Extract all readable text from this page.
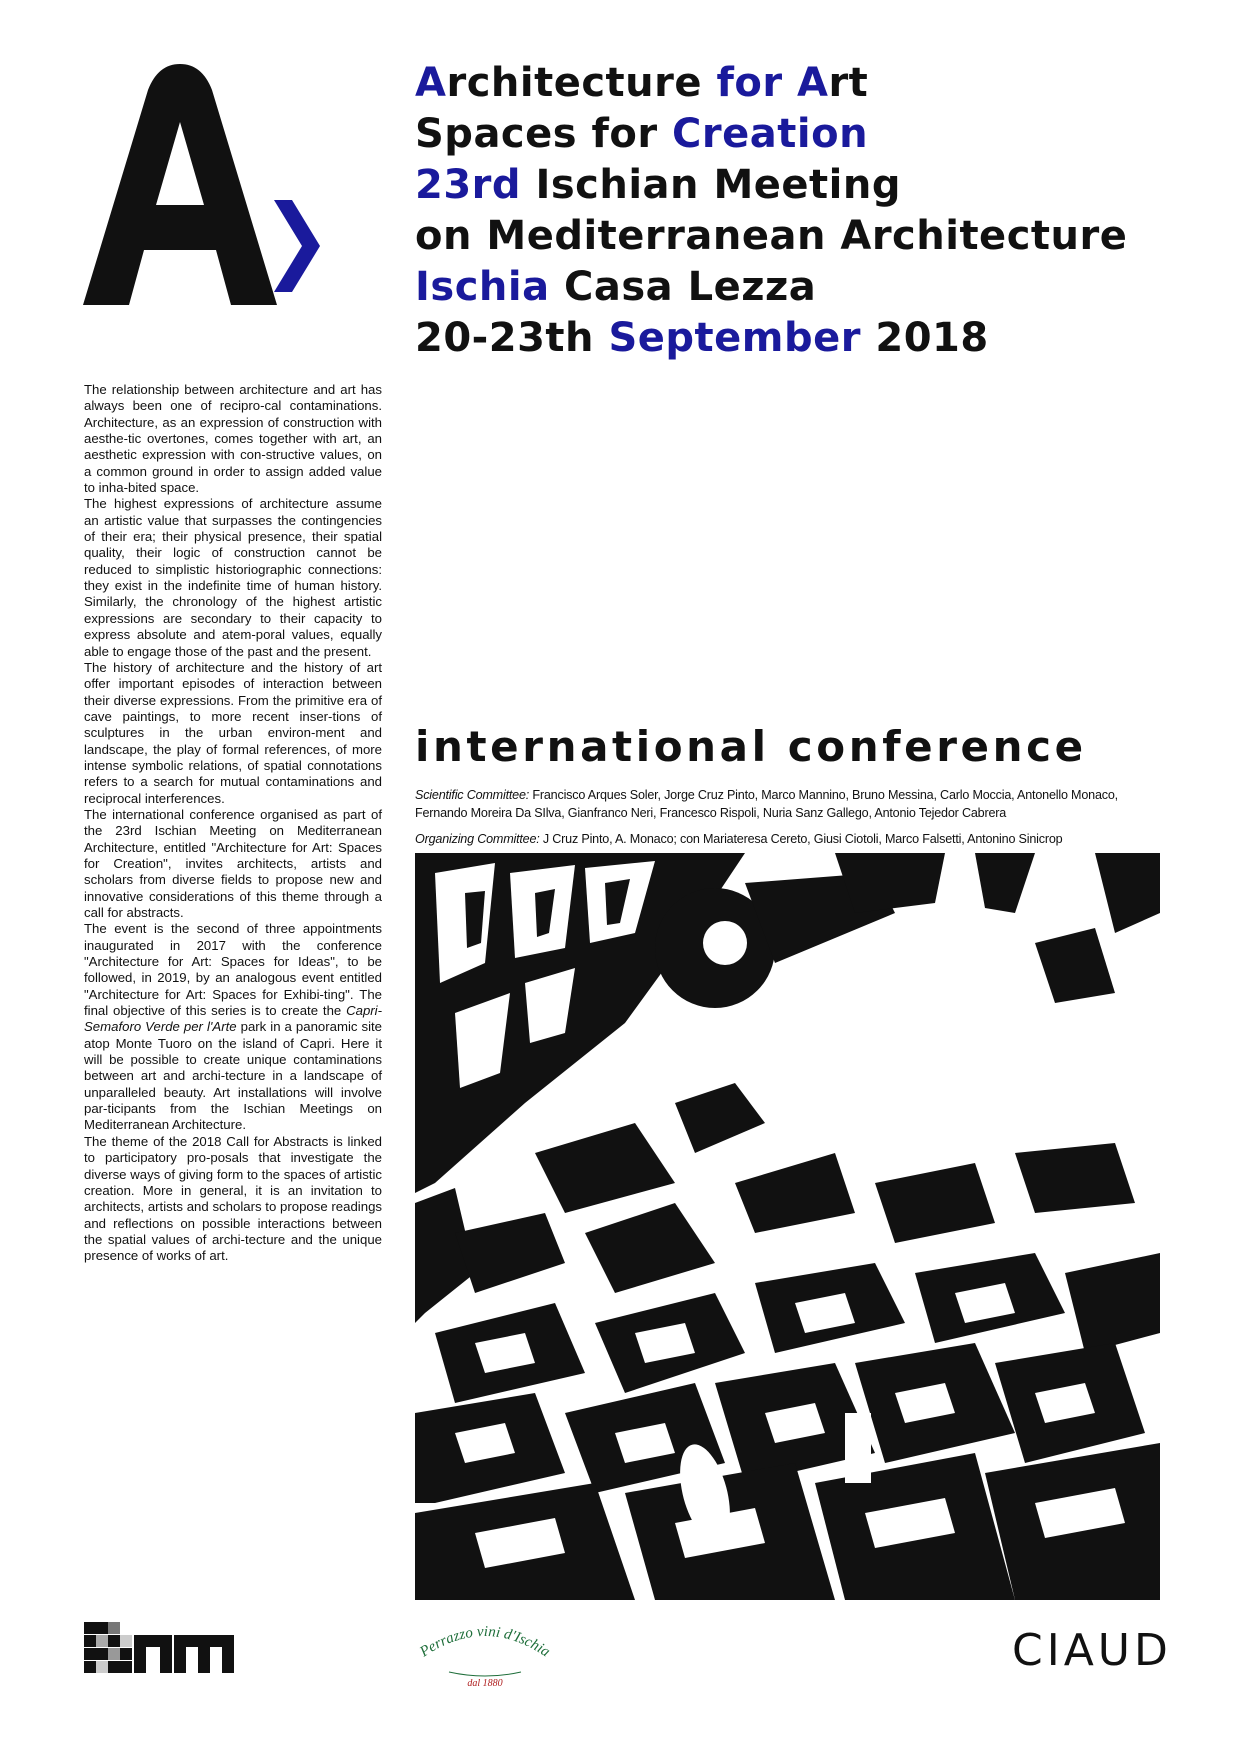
Architecture for Art
Spaces for Creation
23rd Ischian Meeting
on Mediterranean Architecture
Ischia Casa Lezza
20-23th September 2018

The relationship between architecture and art has always been one of recipro-cal contaminations. Architecture, as an expression of construction with aesthe-tic overtones, comes together with art, an aesthetic expression with con-structive values, on a common ground in order to assign added value to inha-bited space.

The highest expressions of architecture assume an artistic value that surpasses the contingencies of their era; their physical presence, their spatial quality, their logic of construction cannot be reduced to simplistic historiographic connections: they exist in the indefinite time of human history. Similarly, the chronology of the highest artistic expressions are secondary to their capacity to express absolute and atem-poral values, equally able to engage those of the past and the present.

The history of architecture and the history of art offer important episodes of interaction between their diverse expressions. From the primitive era of cave paintings, to more recent inser-tions of sculptures in the urban environ-ment and landscape, the play of formal references, of more intense symbolic relations, of spatial connotations refers to a search for mutual contaminations and reciprocal interferences.

The international conference organised as part of the 23rd Ischian Meeting on Mediterranean Architecture, entitled "Architecture for Art: Spaces for Creation", invites architects, artists and scholars from diverse fields to propose new and innovative considerations of this theme through a call for abstracts.

The event is the second of three appointments inaugurated in 2017 with the conference "Architecture for Art: Spaces for Ideas", to be followed, in 2019, by an analogous event entitled "Architecture for Art: Spaces for Exhibi-ting". The final objective of this series is to create the Capri-Semaforo Verde per l'Arte park in a panoramic site atop Monte Tuoro on the island of Capri. Here it will be possible to create unique contaminations between art and archi-tecture in a landscape of unparalleled beauty. Art installations will involve par-ticipants from the Ischian Meetings on Mediterranean Architecture.

The theme of the 2018 Call for Abstracts is linked to participatory pro-posals that investigate the diverse ways of giving form to the spaces of artistic creation. More in general, it is an invitation to architects, artists and scholars to propose readings and reflections on possible interactions between the spatial values of archi-tecture and the unique presence of works of art.

international conference

Scientific Committee: Francisco Arques Soler, Jorge Cruz Pinto, Marco Mannino, Bruno Messina, Carlo Moccia, Antonello Monaco, Fernando Moreira Da SIlva, Gianfranco Neri, Francesco Rispoli, Nuria Sanz Gallego, Antonio Tejedor Cabrera

Organizing Committee: J Cruz Pinto, A. Monaco; con Mariateresa Cereto, Giusi Ciotoli, Marco Falsetti, Antonino Sinicrop

Perrazzo vini d'Ischia
dal 1880
CIAUD
